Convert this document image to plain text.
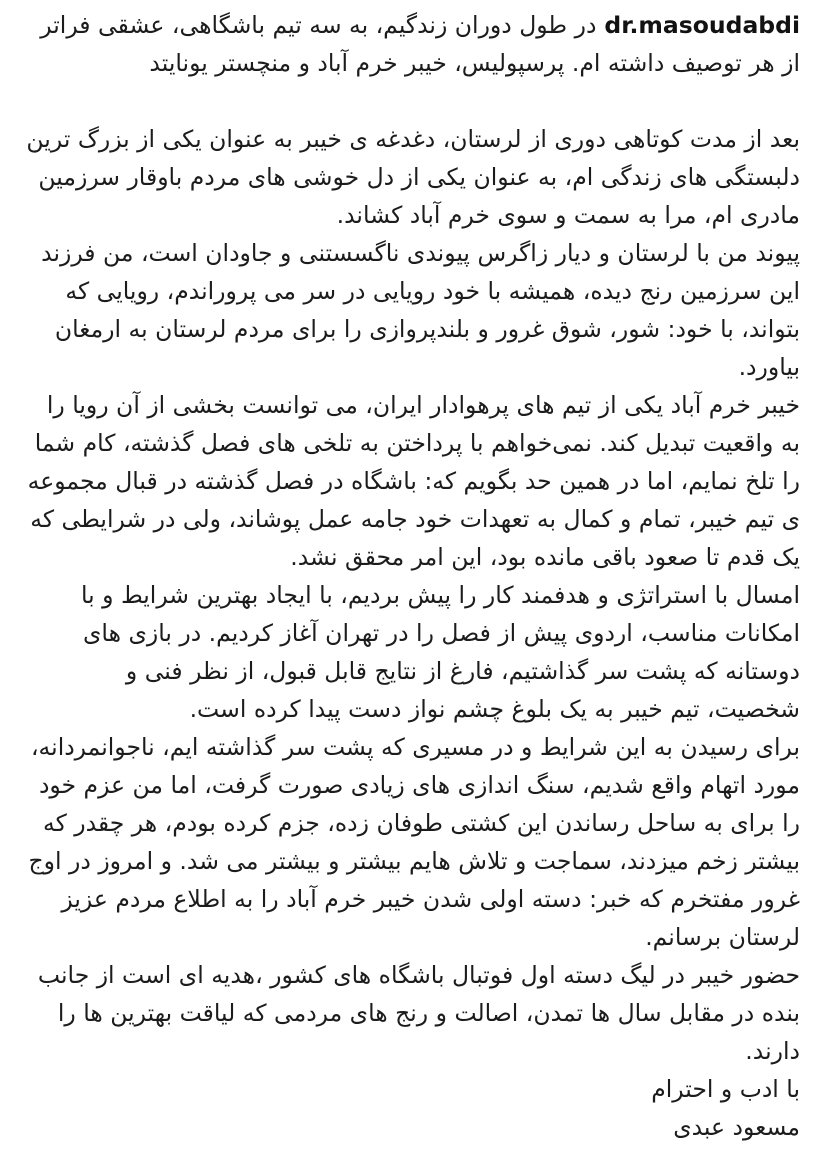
dr.masoudabdiدر طول دوران زندگیم، به سه تیم باشگاهی، عشقی فراتر از هر توصیف داشته ام. پرسپولیس، خیبر خرم آباد و منچستر یونایتد

بعد از مدت کوتاهی دوری از لرستان، دغدغه ی خیبر به عنوان یکی از بزرگ ترین دلبستگی های زندگی ام، به عنوان یکی از دل خوشی های مردم باوقار سرزمین مادری ام، مرا به سمت و سوی خرم آباد کشاند.

پیوند من با لرستان و دیار زاگرس پیوندی ناگسستنی و جاودان است، من فرزند این سرزمین رنج دیده، همیشه با خود رویایی در سر می پروراندم، رویایی که بتواند، با خود: شور، شوق غرور و بلندپروازی را برای مردم لرستان به ارمغان بیاورد.

خیبر خرم آباد یکی از تیم های پرهوادار ایران، می توانست بخشی از آن رویا را به واقعیت تبدیل کند. نمی‌خواهم با پرداختن به تلخی های فصل گذشته، کام شما را تلخ نمایم، اما در همین حد بگویم که: باشگاه در فصل گذشته در قبال مجموعه ی تیم خیبر، تمام و کمال به تعهدات خود جامه عمل پوشاند، ولی در شرایطی که یک قدم تا صعود باقی مانده بود، این امر محقق نشد.

امسال با استراتژی و هدفمند کار را پیش بردیم، با ایجاد بهترین شرایط و با امکانات مناسب، اردوی پیش از فصل را در تهران آغاز کردیم. در بازی های دوستانه که پشت سر گذاشتیم، فارغ از نتایج قابل قبول، از نظر فنی و شخصیت، تیم خیبر به یک بلوغ چشم نواز دست پیدا کرده است.

برای رسیدن به این شرایط و در مسیری که پشت سر گذاشته ایم، ناجوانمردانه، مورد اتهام واقع شدیم، سنگ اندازی های زیادی صورت گرفت، اما من عزم خود را برای به ساحل رساندن این کشتی طوفان زده، جزم کرده بودم، هر چقدر که بیشتر زخم میزدند، سماجت و تلاش هایم بیشتر و بیشتر می شد. و امروز در اوج غرور مفتخرم که خبر: دسته اولی شدن خیبر خرم آباد را به اطلاع مردم عزیز لرستان برسانم.

حضور خیبر در لیگ دسته اول فوتبال باشگاه های کشور ،هدیه ای است از جانب بنده در مقابل سال ها تمدن، اصالت و رنج های مردمی که لیاقت بهترین ها را دارند.

با ادب و احترام

مسعود عبدی
